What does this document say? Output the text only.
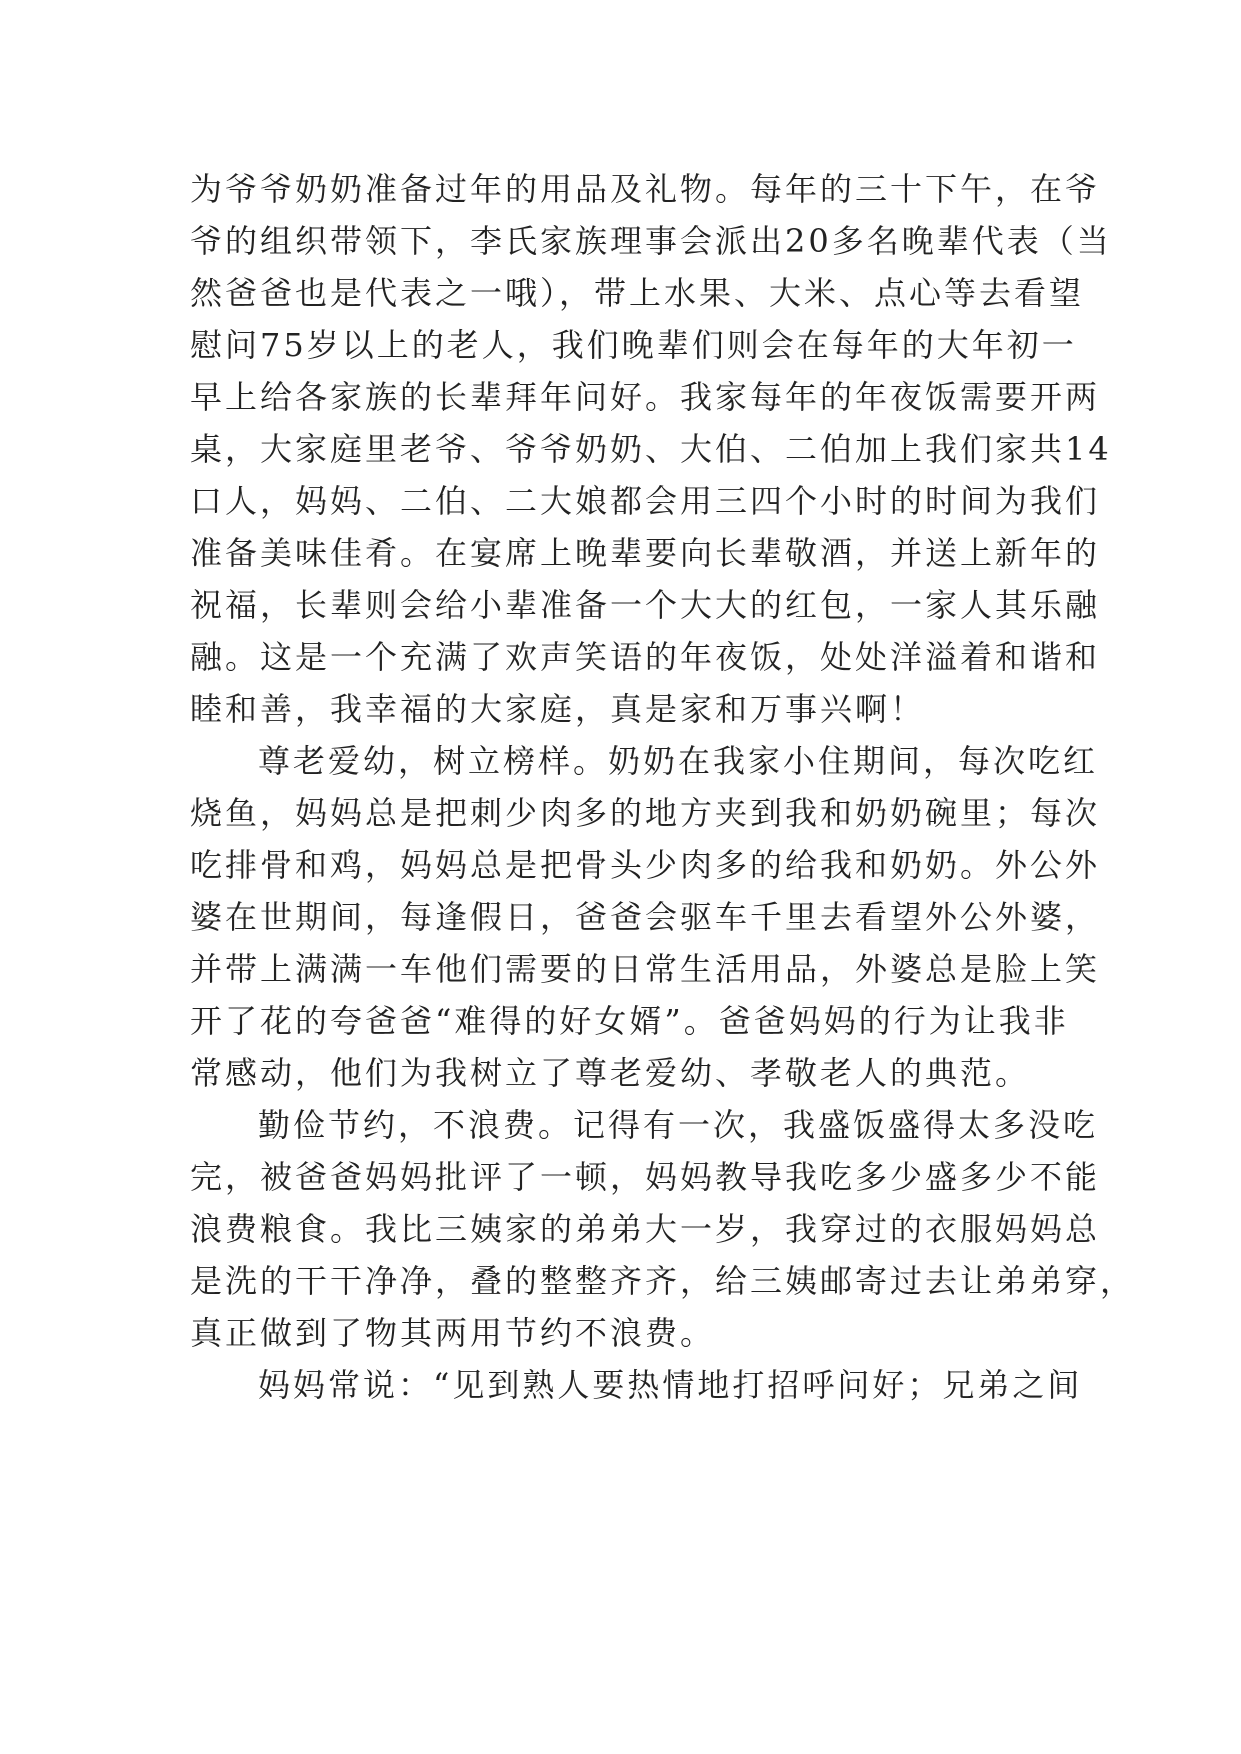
为爷爷奶奶准备过年的用品及礼物。每年的三十下午，在爷
爷的组织带领下，李氏家族理事会派出20多名晚辈代表（当
然爸爸也是代表之一哦），带上水果、大米、点心等去看望
慰问75岁以上的老人，我们晚辈们则会在每年的大年初一
早上给各家族的长辈拜年问好。我家每年的年夜饭需要开两
桌，大家庭里老爷、爷爷奶奶、大伯、二伯加上我们家共14
口人，妈妈、二伯、二大娘都会用三四个小时的时间为我们
准备美味佳肴。在宴席上晚辈要向长辈敬酒，并送上新年的
祝福，长辈则会给小辈准备一个大大的红包，一家人其乐融
融。这是一个充满了欢声笑语的年夜饭，处处洋溢着和谐和
睦和善，我幸福的大家庭，真是家和万事兴啊！
尊老爱幼，树立榜样。奶奶在我家小住期间，每次吃红
烧鱼，妈妈总是把刺少肉多的地方夹到我和奶奶碗里；每次
吃排骨和鸡，妈妈总是把骨头少肉多的给我和奶奶。外公外
婆在世期间，每逢假日，爸爸会驱车千里去看望外公外婆，
并带上满满一车他们需要的日常生活用品，外婆总是脸上笑
开了花的夸爸爸“难得的好女婿”。爸爸妈妈的行为让我非
常感动，他们为我树立了尊老爱幼、孝敬老人的典范。
勤俭节约，不浪费。记得有一次，我盛饭盛得太多没吃
完，被爸爸妈妈批评了一顿，妈妈教导我吃多少盛多少不能
浪费粮食。我比三姨家的弟弟大一岁，我穿过的衣服妈妈总
是洗的干干净净，叠的整整齐齐，给三姨邮寄过去让弟弟穿，
真正做到了物其两用节约不浪费。
妈妈常说：“见到熟人要热情地打招呼问好；兄弟之间
